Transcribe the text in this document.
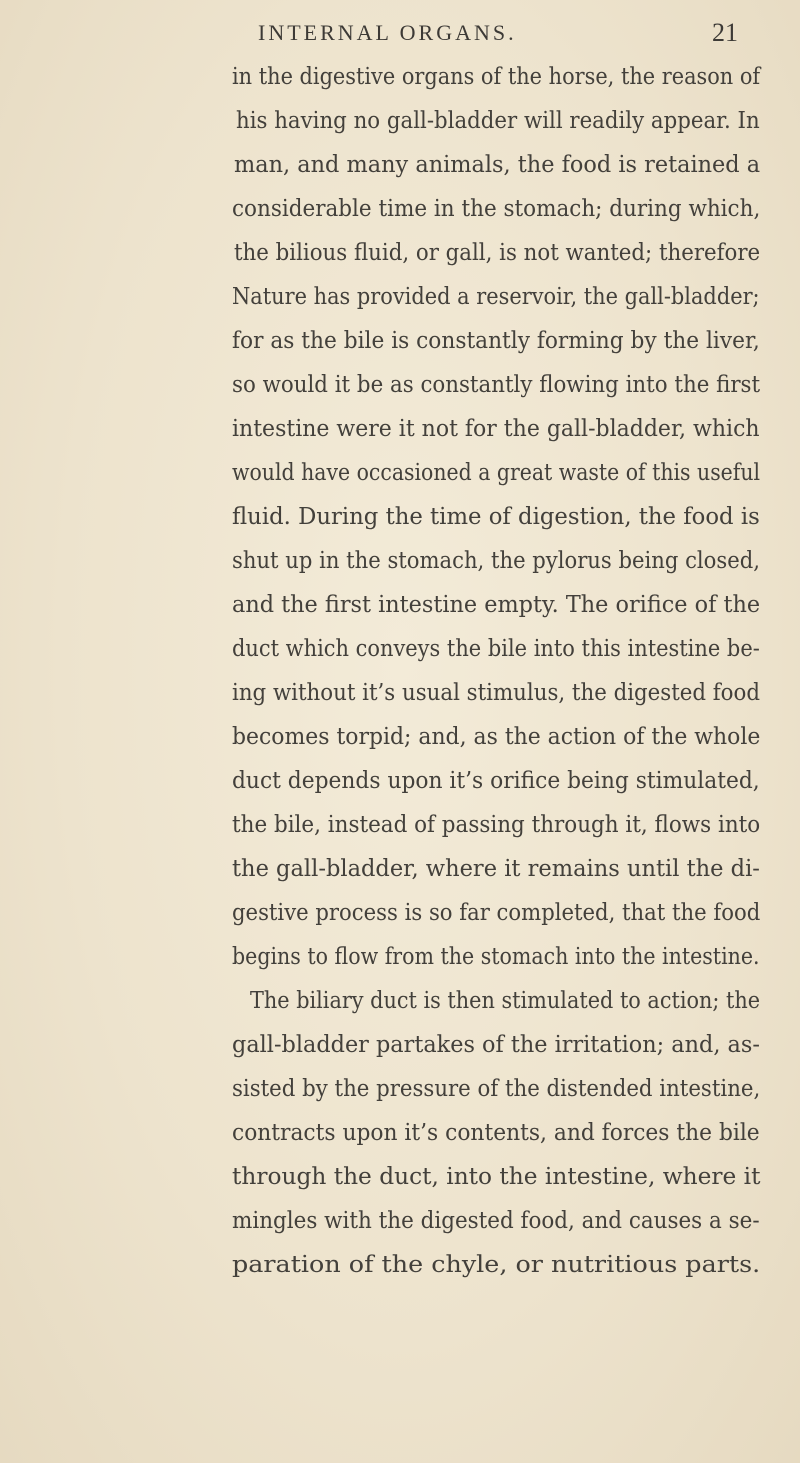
INTERNAL ORGANS.	21
in the digestive organs of the horse, the reason of
his having no gall-bladder will readily appear. In
man, and many animals, the food is retained a
considerable time in the stomach; during which,
the bilious fluid, or gall, is not wanted; therefore
Nature has provided a reservoir, the gall-bladder;
for as the bile is constantly forming by the liver,
so would it be as constantly flowing into the first
intestine were it not for the gall-bladder, which
would have occasioned a great waste of this useful
fluid. During the time of digestion, the food is
shut up in the stomach, the pylorus being closed,
and the first intestine empty. The orifice of the
duct which conveys the bile into this intestine be-
ing without it’s usual stimulus, the digested food
becomes torpid; and, as the action of the whole
duct depends upon it’s orifice being stimulated,
the bile, instead of passing through it, flows into
the gall-bladder, where it remains until the di-
gestive process is so far completed, that the food
begins to flow from the stomach into the intestine.
The biliary duct is then stimulated to action; the
gall-bladder partakes of the irritation; and, as-
sisted by the pressure of the distended intestine,
contracts upon it’s contents, and forces the bile
through the duct, into the intestine, where it
mingles with the digested food, and causes a se-
paration of the chyle, or nutritious parts.
